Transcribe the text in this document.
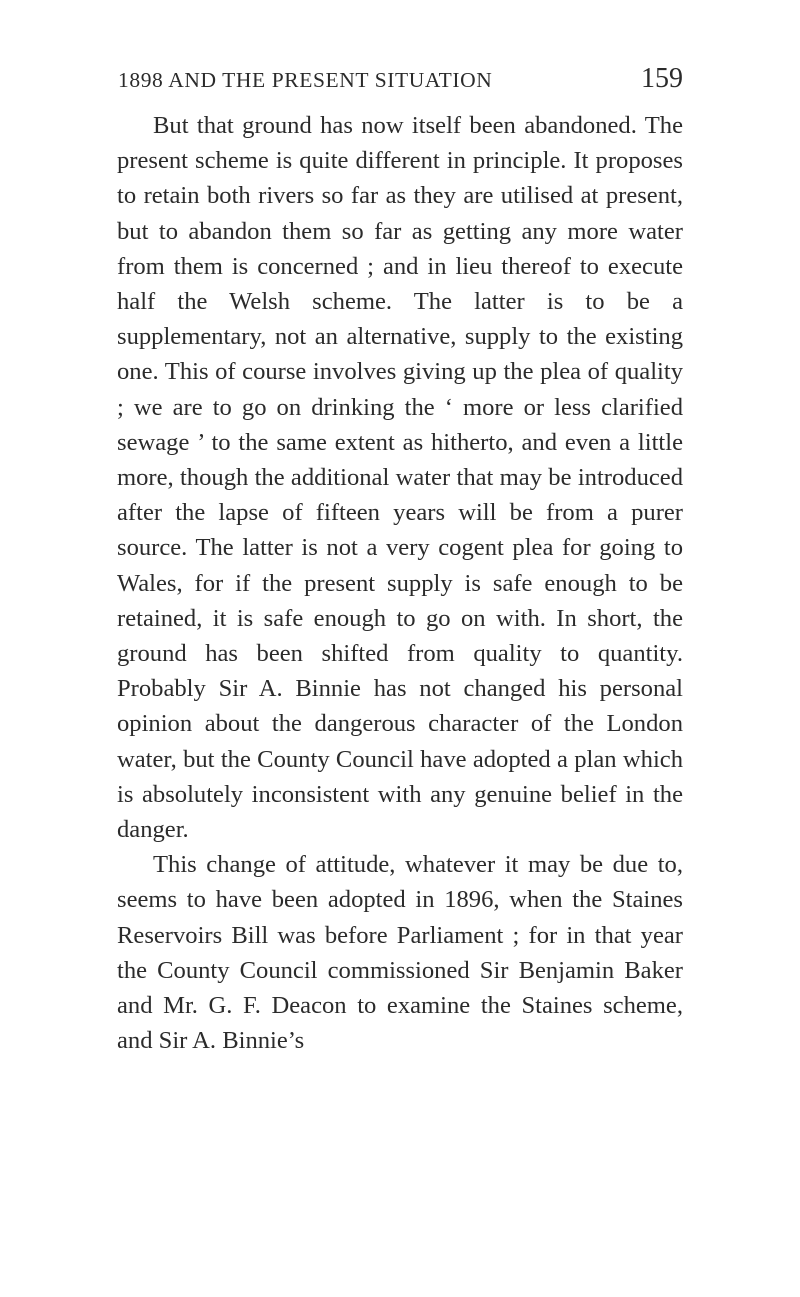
1898 AND THE PRESENT SITUATION	159

But that ground has now itself been abandoned. The present scheme is quite different in principle. It proposes to retain both rivers so far as they are utilised at present, but to abandon them so far as getting any more water from them is concerned ; and in lieu thereof to execute half the Welsh scheme. The latter is to be a supplementary, not an alternative, supply to the existing one. This of course involves giving up the plea of quality ; we are to go on drinking the ‘ more or less clarified sewage ’ to the same extent as hitherto, and even a little more, though the additional water that may be introduced after the lapse of fifteen years will be from a purer source. The latter is not a very cogent plea for going to Wales, for if the present supply is safe enough to be retained, it is safe enough to go on with. In short, the ground has been shifted from quality to quantity. Probably Sir A. Binnie has not changed his personal opinion about the dangerous character of the London water, but the County Council have adopted a plan which is absolutely inconsistent with any genuine belief in the danger.

This change of attitude, whatever it may be due to, seems to have been adopted in 1896, when the Staines Reservoirs Bill was before Parliament ; for in that year the County Council commissioned Sir Benjamin Baker and Mr. G. F. Deacon to examine the Staines scheme, and Sir A. Binnie’s
